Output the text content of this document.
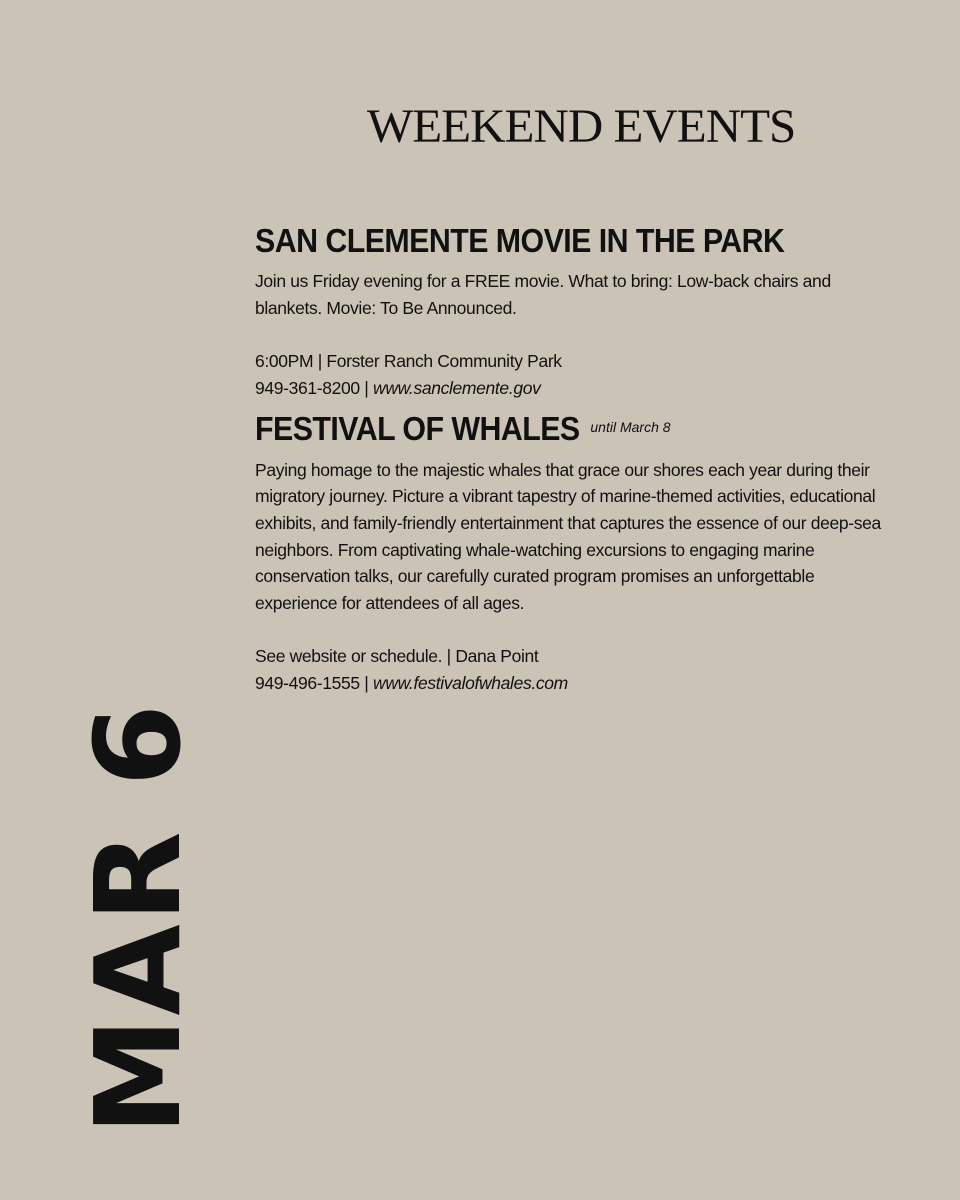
WEEKEND EVENTS
SAN CLEMENTE MOVIE IN THE PARK

Join us Friday evening for a FREE movie. What to bring: Low-back chairs and blankets. Movie: To Be Announced.

6:00PM | Forster Ranch Community Park

949-361-8200 | www.sanclemente.gov

FESTIVAL OF WHALES until March 8

Paying homage to the majestic whales that grace our shores each year during their migratory journey. Picture a vibrant tapestry of marine-themed activities, educational exhibits, and family-friendly entertainment that captures the essence of our deep-sea neighbors. From captivating whale-watching excursions to engaging marine conservation talks, our carefully curated program promises an unforgettable experience for attendees of all ages.

See website or schedule. | Dana Point

949-496-1555 | www.festivalofwhales.com

MAR 6
